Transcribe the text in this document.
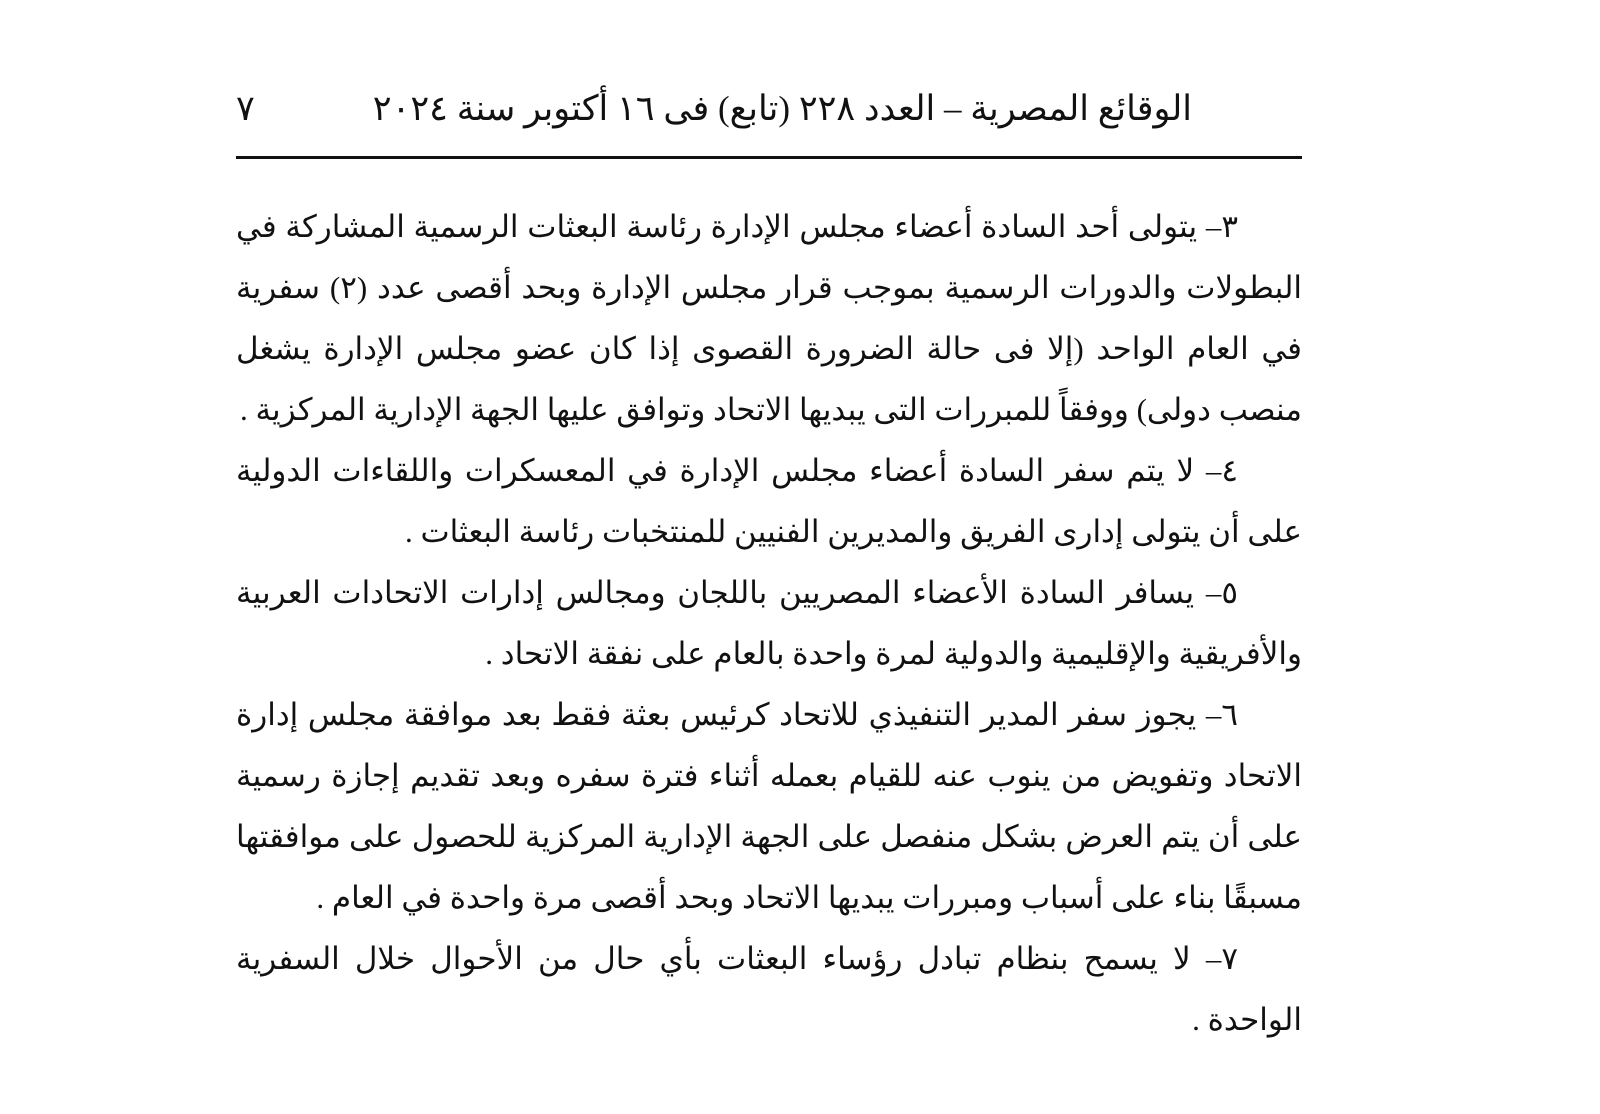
الوقائع المصرية – العدد ٢٢٨ (تابع) فى ١٦ أكتوبر سنة ٢٠٢٤
٧

٣– يتولى أحد السادة أعضاء مجلس الإدارة رئاسة البعثات الرسمية المشاركة في البطولات والدورات الرسمية بموجب قرار مجلس الإدارة وبحد أقصى عدد (٢) سفرية في العام الواحد (إلا فى حالة الضرورة القصوى إذا كان عضو مجلس الإدارة يشغل منصب دولى) ووفقاً للمبررات التى يبديها الاتحاد وتوافق عليها الجهة الإدارية المركزية .

٤– لا يتم سفر السادة أعضاء مجلس الإدارة في المعسكرات واللقاءات الدولية على أن يتولى إدارى الفريق والمديرين الفنيين للمنتخبات رئاسة البعثات .

٥– يسافر السادة الأعضاء المصريين باللجان ومجالس إدارات الاتحادات العربية والأفريقية والإقليمية والدولية لمرة واحدة بالعام على نفقة الاتحاد .

٦– يجوز سفر المدير التنفيذي للاتحاد كرئيس بعثة فقط بعد موافقة مجلس إدارة الاتحاد وتفويض من ينوب عنه للقيام بعمله أثناء فترة سفره وبعد تقديم إجازة رسمية على أن يتم العرض بشكل منفصل على الجهة الإدارية المركزية للحصول على موافقتها مسبقًا بناء على أسباب ومبررات يبديها الاتحاد وبحد أقصى مرة واحدة في العام .

٧– لا يسمح بنظام تبادل رؤساء البعثات بأي حال من الأحوال خلال السفرية الواحدة .
